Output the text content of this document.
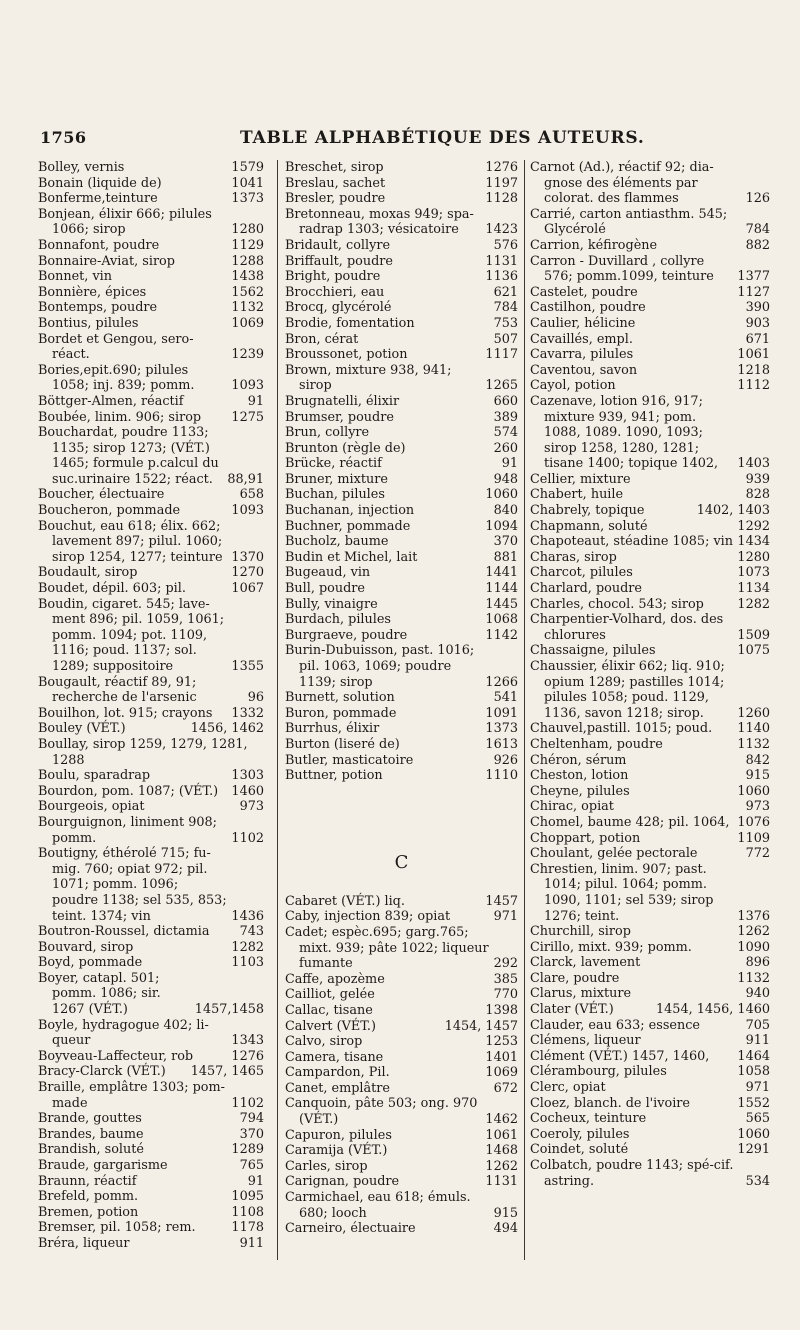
1756	TABLE ALPHABÉTIQUE DES AUTEURS.
Bolley, vernis	1579
Bonain (liquide de)	1041
Bonferme,teinture	1373
Bonjean, élixir 666; pilules 1066; sirop	1280
Bonnafont, poudre	1129
Bonnaire-Aviat, sirop	1288
Bonnet, vin	1438
Bonnière, épices	1562
Bontemps, poudre	1132
Bontius, pilules	1069
Bordet et Gengou, sero-réact.	1239
Bories,epit.690; pilules 1058; inj. 839; pomm.	1093
Böttger-Almen, réactif	91
Boubée, linim. 906; sirop	1275
Bouchardat, poudre 1133; 1135; sirop 1273; (VÉT.) 1465; formule p.calcul du suc.urinaire 1522; réact.	88,91
Boucher, électuaire	658
Boucheron, pommade	1093
Bouchut, eau 618; élix. 662; lavement 897; pilul. 1060; sirop 1254, 1277; teinture 1370
Boudault, sirop	1270
Boudet, dépil. 603; pil.	1067
Boudin, cigaret. 545; lave-ment 896; pil. 1059, 1061; pomm. 1094; pot. 1109, 1116; poud. 1137; sol. 1289; suppositoire	1355
Bougault, réactif 89, 91; recherche de l'arsenic	96
Bouilhon, lot. 915; crayons	1332
Bouley (VÉT.)	1456, 1462
Boullay, sirop 1259, 1279, 1281, 1288
Boulu, sparadrap	1303
Bourdon, pom. 1087; (VÉT.)	1460
Bourgeois, opiat	973
Bourguignon, liniment 908; pomm.	1102
Boutigny, éthérolé 715; fu-mig. 760; opiat 972; pil. 1071; pomm. 1096; poudre 1138; sel 535, 853; teint. 1374; vin	1436
Boutron-Roussel, dictamia	743
Bouvard, sirop	1282
Boyd, pommade	1103
Boyer, catapl. 501; pomm. 1086; sir. 1267 (VÉT.)	1457,1458
Boyle, hydragogue 402; li-queur	1343
Boyveau-Laffecteur, rob	1276
Bracy-Clarck (VÉT.)	1457, 1465
Braille, emplâtre 1303; pom-made	1102
Brande, gouttes	794
Brandes, baume	370
Brandish, soluté	1289
Braude, gargarisme	765
Braunn, réactif	91
Brefeld, pomm.	1095
Bremen, potion	1108
Bremser, pil. 1058; rem.	1178
Bréra, liqueur	911
Breschet, sirop	1276
Breslau, sachet	1197
Bresler, poudre	1128
Bretonneau, moxas 949; spa-radrap 1303; vésicatoire	1423
Bridault, collyre	576
Briffault, poudre	1131
Bright, poudre	1136
Brocchieri, eau	621
Brocq, glycérolé	784
Brodie, fomentation	753
Bron, cérat	507
Broussonet, potion	1117
Brown, mixture 938, 941; sirop	1265
Brugnatelli, élixir	660
Brumser, poudre	389
Brun, collyre	574
Brunton (règle de)	260
Brücke, réactif	91
Bruner, mixture	948
Buchan, pilules	1060
Buchanan, injection	840
Buchner, pommade	1094
Bucholz, baume	370
Budin et Michel, lait	881
Bugeaud, vin	1441
Bull, poudre	1144
Bully, vinaigre	1445
Burdach, pilules	1068
Burgraeve, poudre	1142
Burin-Dubuisson, past. 1016; pil. 1063, 1069; poudre 1139; sirop	1266
Burnett, solution	541
Buron, pommade	1091
Burrhus, élixir	1373
Burton (liseré de)	1613
Butler, masticatoire	926
Buttner, potion	1110
C
Cabaret (VÉT.) liq.	1457
Caby, injection 839; opiat	971
Cadet; espèc.695; garg.765; mixt. 939; pâte 1022; liqueur fumante	292
Caffe, apozème	385
Cailliot, gelée	770
Callac, tisane	1398
Calvert (VÉT.)	1454, 1457
Calvo, sirop	1253
Camera, tisane	1401
Campardon, Pil.	1069
Canet, emplâtre	672
Canquoin, pâte 503; ong. 970 (VÉT.)	1462
Capuron, pilules	1061
Caramija (VÉT.)	1468
Carles, sirop	1262
Carignan, poudre	1131
Carmichael, eau 618; émuls. 680; looch	915
Carneiro, électuaire	494
Carnot (Ad.), réactif 92; dia-gnose des éléments par colorat. des flammes	126
Carrié, carton antiasthm. 545; Glycérolé	784
Carrion, kéfirogène	882
Carron - Duvillard , collyre 576; pomm.1099, teinture	1377
Castelet, poudre	1127
Castilhon, poudre	390
Caulier, hélicine	903
Cavaillés, empl.	671
Cavarra, pilules	1061
Caventou, savon	1218
Cayol, potion	1112
Cazenave, lotion 916, 917; mixture 939, 941; pom. 1088, 1089. 1090, 1093; sirop 1258, 1280, 1281; tisane 1400; topique 1402,	1403
Cellier, mixture	939
Chabert, huile	828
Chabrely, topique	1402, 1403
Chapmann, soluté	1292
Chapoteaut, stéadine 1085; vin 1434
Charas, sirop	1280
Charcot, pilules	1073
Charlard, poudre	1134
Charles, chocol. 543; sirop	1282
Charpentier-Volhard, dos. des chlorures	1509
Chassaigne, pilules	1075
Chaussier, élixir 662; liq. 910; opium 1289; pastilles 1014; pilules 1058; poud. 1129, 1136, savon 1218; sirop.	1260
Chauvel,pastill. 1015; poud.	1140
Cheltenham, poudre	1132
Chéron, sérum	842
Cheston, lotion	915
Cheyne, pilules	1060
Chirac, opiat	973
Chomel, baume 428; pil. 1064, 1076
Choppart, potion	1109
Choulant, gelée pectorale	772
Chrestien, linim. 907; past. 1014; pilul. 1064; pomm. 1090, 1101; sel 539; sirop 1276; teint.	1376
Churchill, sirop	1262
Cirillo, mixt. 939; pomm.	1090
Clarck, lavement	896
Clare, poudre	1132
Clarus, mixture	940
Clater (VÉT.)	1454, 1456, 1460
Clauder, eau 633; essence	705
Clémens, liqueur	911
Clément (VÉT.) 1457, 1460,	1464
Clérambourg, pilules	1058
Clerc, opiat	971
Cloez, blanch. de l'ivoire	1552
Cocheux, teinture	565
Coeroly, pilules	1060
Coindet, soluté	1291
Colbatch, poudre 1143; spé-cif. astring.	534
